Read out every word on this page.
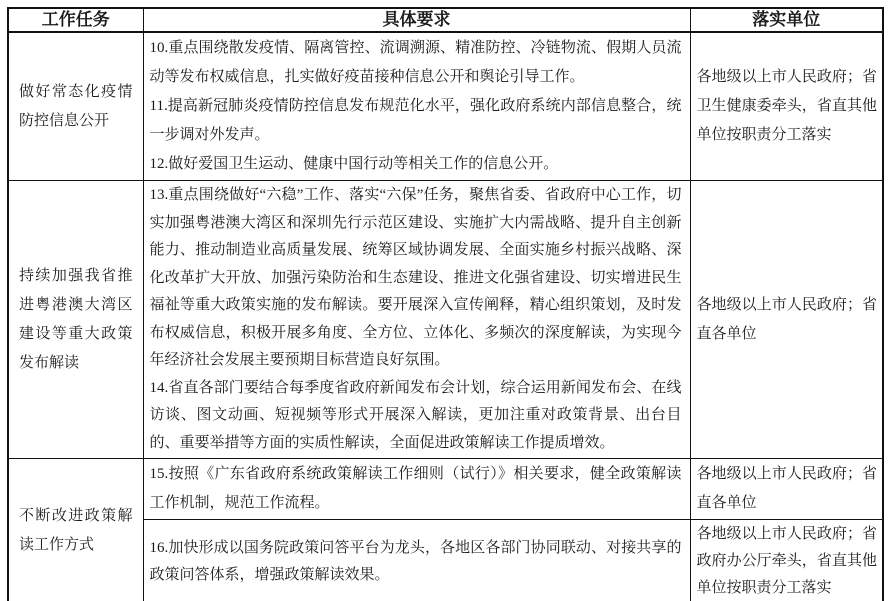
工作任务	具体要求	落实单位
做好常态化疫情防控信息公开	10.重点围绕散发疫情、隔离管控、流调溯源、精准防控、冷链物流、假期人员流动等发布权威信息，扎实做好疫苗接种信息公开和舆论引导工作。

11.提高新冠肺炎疫情防控信息发布规范化水平，强化政府系统内部信息整合，统一步调对外发声。

12.做好爱国卫生运动、健康中国行动等相关工作的信息公开。	各地级以上市人民政府；省卫生健康委牵头，省直其他单位按职责分工落实
持续加强我省推进粤港澳大湾区建设等重大政策发布解读	13.重点围绕做好“六稳”工作、落实“六保”任务，聚焦省委、省政府中心工作，切实加强粤港澳大湾区和深圳先行示范区建设、实施扩大内需战略、提升自主创新能力、推动制造业高质量发展、统筹区域协调发展、全面实施乡村振兴战略、深化改革扩大开放、加强污染防治和生态建设、推进文化强省建设、切实增进民生福祉等重大政策实施的发布解读。要开展深入宣传阐释，精心组织策划，及时发布权威信息，积极开展多角度、全方位、立体化、多频次的深度解读，为实现今年经济社会发展主要预期目标营造良好氛围。

14.省直各部门要结合每季度省政府新闻发布会计划，综合运用新闻发布会、在线访谈、图文动画、短视频等形式开展深入解读，更加注重对政策背景、出台目的、重要举措等方面的实质性解读，全面促进政策解读工作提质增效。	各地级以上市人民政府；省直各单位
不断改进政策解读工作方式	15.按照《广东省政府系统政策解读工作细则（试行）》相关要求，健全政策解读工作机制，规范工作流程。	各地级以上市人民政府；省直各单位

	16.加快形成以国务院政策问答平台为龙头，各地区各部门协同联动、对接共享的政策问答体系，增强政策解读效果。	各地级以上市人民政府；省政府办公厅牵头，省直其他单位按职责分工落实
